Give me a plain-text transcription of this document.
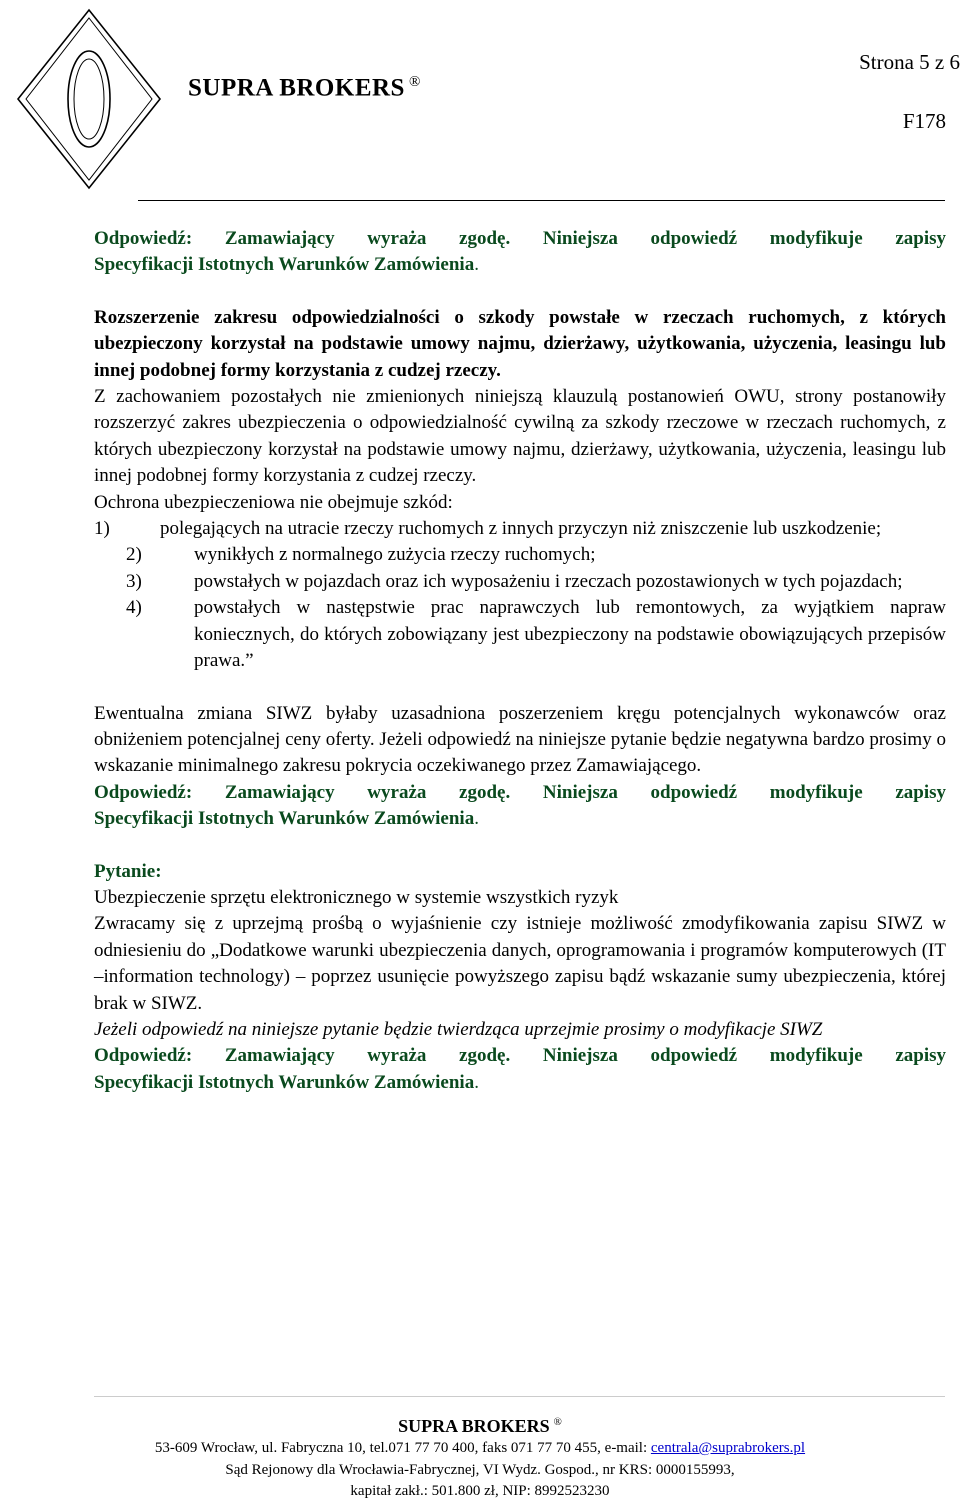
SUPRA BROKERS ®
Strona 5 z 6
F178

Odpowiedź: Zamawiający wyraża zgodę. Niniejsza odpowiedź modyfikuje zapisy

Specyfikacji Istotnych Warunków Zamówienia.

Rozszerzenie zakresu odpowiedzialności o szkody powstałe w rzeczach ruchomych, z których ubezpieczony korzystał na podstawie umowy najmu, dzierżawy, użytkowania, użyczenia, leasingu lub innej podobnej formy korzystania z cudzej rzeczy.

Z zachowaniem pozostałych nie zmienionych niniejszą klauzulą postanowień OWU, strony postanowiły rozszerzyć zakres ubezpieczenia o odpowiedzialność cywilną za szkody rzeczowe w rzeczach ruchomych, z których ubezpieczony korzystał na podstawie umowy najmu, dzierżawy, użytkowania, użyczenia, leasingu lub innej podobnej formy korzystania z cudzej rzeczy.

Ochrona ubezpieczeniowa nie obejmuje szkód:

1)	polegających na utracie rzeczy ruchomych z innych przyczyn niż zniszczenie lub uszkodzenie;

2)	wynikłych z normalnego zużycia rzeczy ruchomych;

3)	powstałych w pojazdach oraz ich wyposażeniu i rzeczach pozostawionych w tych pojazdach;

4)	powstałych w następstwie prac naprawczych lub remontowych, za wyjątkiem napraw koniecznych, do których zobowiązany jest ubezpieczony na podstawie obowiązujących przepisów prawa.”

Ewentualna zmiana SIWZ byłaby uzasadniona poszerzeniem kręgu potencjalnych wykonawców oraz obniżeniem potencjalnej ceny oferty. Jeżeli odpowiedź na niniejsze pytanie będzie negatywna bardzo prosimy o wskazanie minimalnego zakresu pokrycia oczekiwanego przez Zamawiającego.

Odpowiedź: Zamawiający wyraża zgodę. Niniejsza odpowiedź modyfikuje zapisy

Specyfikacji Istotnych Warunków Zamówienia.

Pytanie:

Ubezpieczenie sprzętu elektronicznego w systemie wszystkich ryzyk

Zwracamy się z uprzejmą prośbą o wyjaśnienie czy istnieje możliwość zmodyfikowania zapisu SIWZ w odniesieniu do „Dodatkowe warunki ubezpieczenia danych, oprogramowania i programów komputerowych (IT –information technology) – poprzez usunięcie powyższego zapisu bądź wskazanie sumy ubezpieczenia, której brak w SIWZ.

Jeżeli odpowiedź na niniejsze pytanie będzie twierdząca uprzejmie prosimy o modyfikacje SIWZ

Odpowiedź: Zamawiający wyraża zgodę. Niniejsza odpowiedź modyfikuje zapisy

Specyfikacji Istotnych Warunków Zamówienia.

SUPRA BROKERS ®
53-609 Wrocław, ul. Fabryczna 10, tel.071 77 70 400, faks 071 77 70 455, e-mail: centrala@suprabrokers.pl
Sąd Rejonowy dla Wrocławia-Fabrycznej, VI Wydz. Gospod., nr KRS: 0000155993,
kapitał zakł.: 501.800 zł, NIP: 8992523230
